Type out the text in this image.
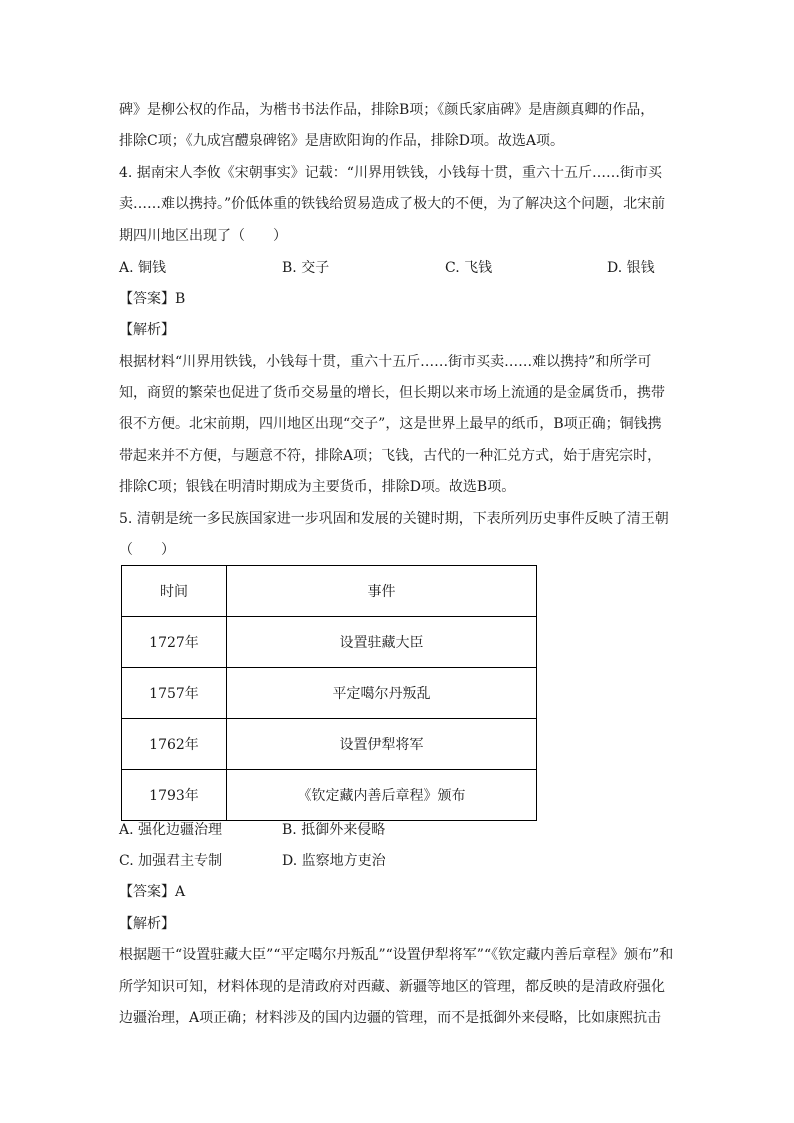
碑》是柳公权的作品，为楷书书法作品，排除B项；《颜氏家庙碑》是唐颜真卿的作品，
排除C项；《九成宫醴泉碑铭》是唐欧阳询的作品，排除D项。故选A项。
4. 据南宋人李攸《宋朝事实》记载：“川界用铁钱，小钱每十贯，重六十五斤……街市买
卖……难以携持。”价低体重的铁钱给贸易造成了极大的不便，为了解决这个问题，北宋前
期四川地区出现了（　　）
A. 铜钱	B. 交子	C. 飞钱	D. 银钱
【答案】B
【解析】
根据材料“川界用铁钱，小钱每十贯，重六十五斤……街市买卖……难以携持”和所学可
知，商贸的繁荣也促进了货币交易量的增长，但长期以来市场上流通的是金属货币，携带
很不方便。北宋前期，四川地区出现“交子”，这是世界上最早的纸币，B项正确；铜钱携
带起来并不方便，与题意不符，排除A项；飞钱，古代的一种汇兑方式，始于唐宪宗时，
排除C项；银钱在明清时期成为主要货币，排除D项。故选B项。
5. 清朝是统一多民族国家进一步巩固和发展的关键时期，下表所列历史事件反映了清王朝
（　　）
时间	事件
1727年	设置驻藏大臣
1757年	平定噶尔丹叛乱
1762年	设置伊犁将军
1793年	《钦定藏内善后章程》颁布
A. 强化边疆治理	B. 抵御外来侵略
C. 加强君主专制	D. 监察地方吏治
【答案】A
【解析】
根据题干“设置驻藏大臣”“平定噶尔丹叛乱”“设置伊犁将军”“《钦定藏内善后章程》颁布”和
所学知识可知，材料体现的是清政府对西藏、新疆等地区的管理，都反映的是清政府强化
边疆治理，A项正确；材料涉及的国内边疆的管理，而不是抵御外来侵略，比如康熙抗击
